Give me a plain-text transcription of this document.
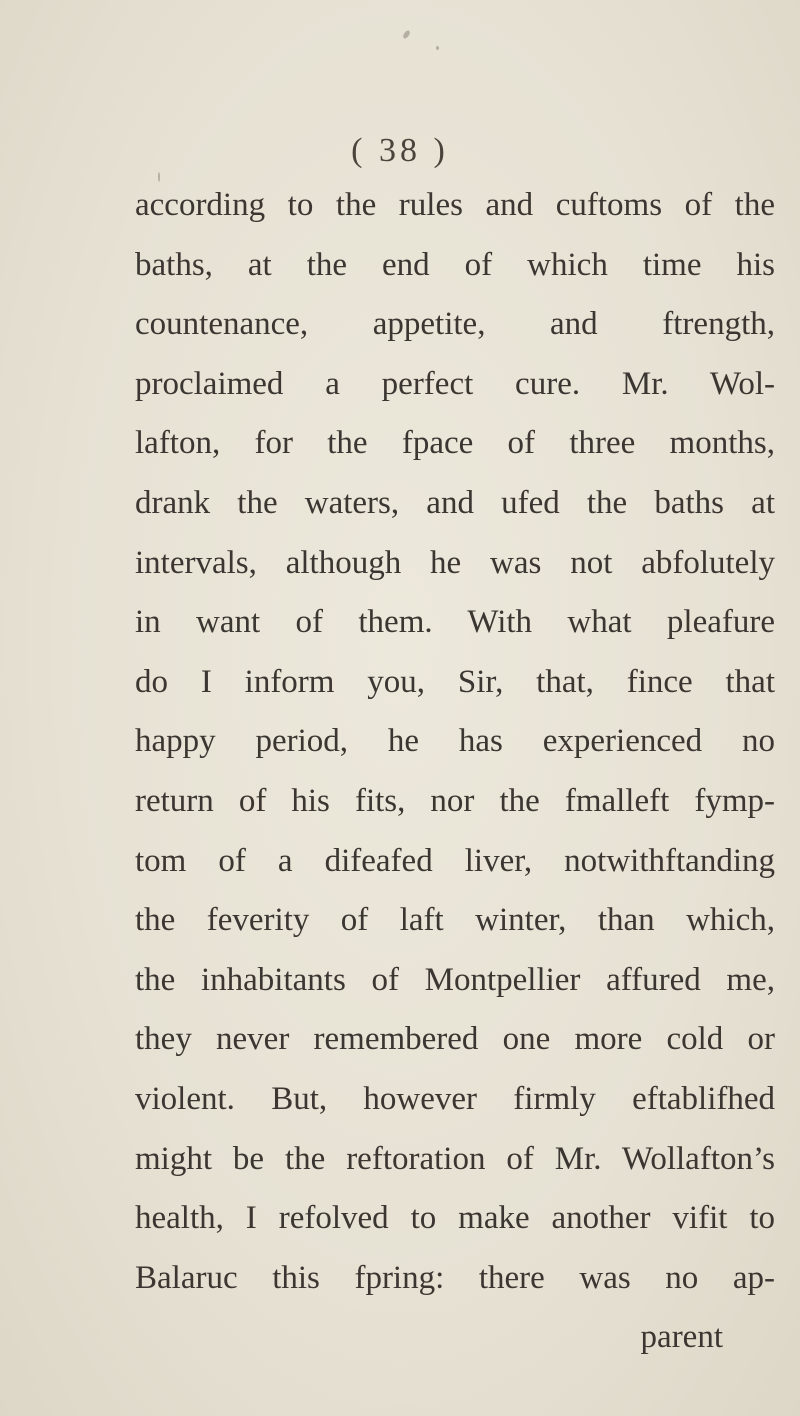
( 38 )
according to the rules and cuftoms of the
baths, at the end of which time his
countenance, appetite, and ftrength,
proclaimed a perfect cure. Mr. Wol-
lafton, for the fpace of three months,
drank the waters, and ufed the baths at
intervals, although he was not abfolutely
in want of them. With what pleafure
do I inform you, Sir, that, fince that
happy period, he has experienced no
return of his fits, nor the fmalleft fymp-
tom of a difeafed liver, notwithftanding
the feverity of laft winter, than which,
the inhabitants of Montpellier affured me,
they never remembered one more cold or
violent. But, however firmly eftablifhed
might be the reftoration of Mr. Wollafton’s
health, I refolved to make another vifit to
Balaruc this fpring: there was no ap-
parent
